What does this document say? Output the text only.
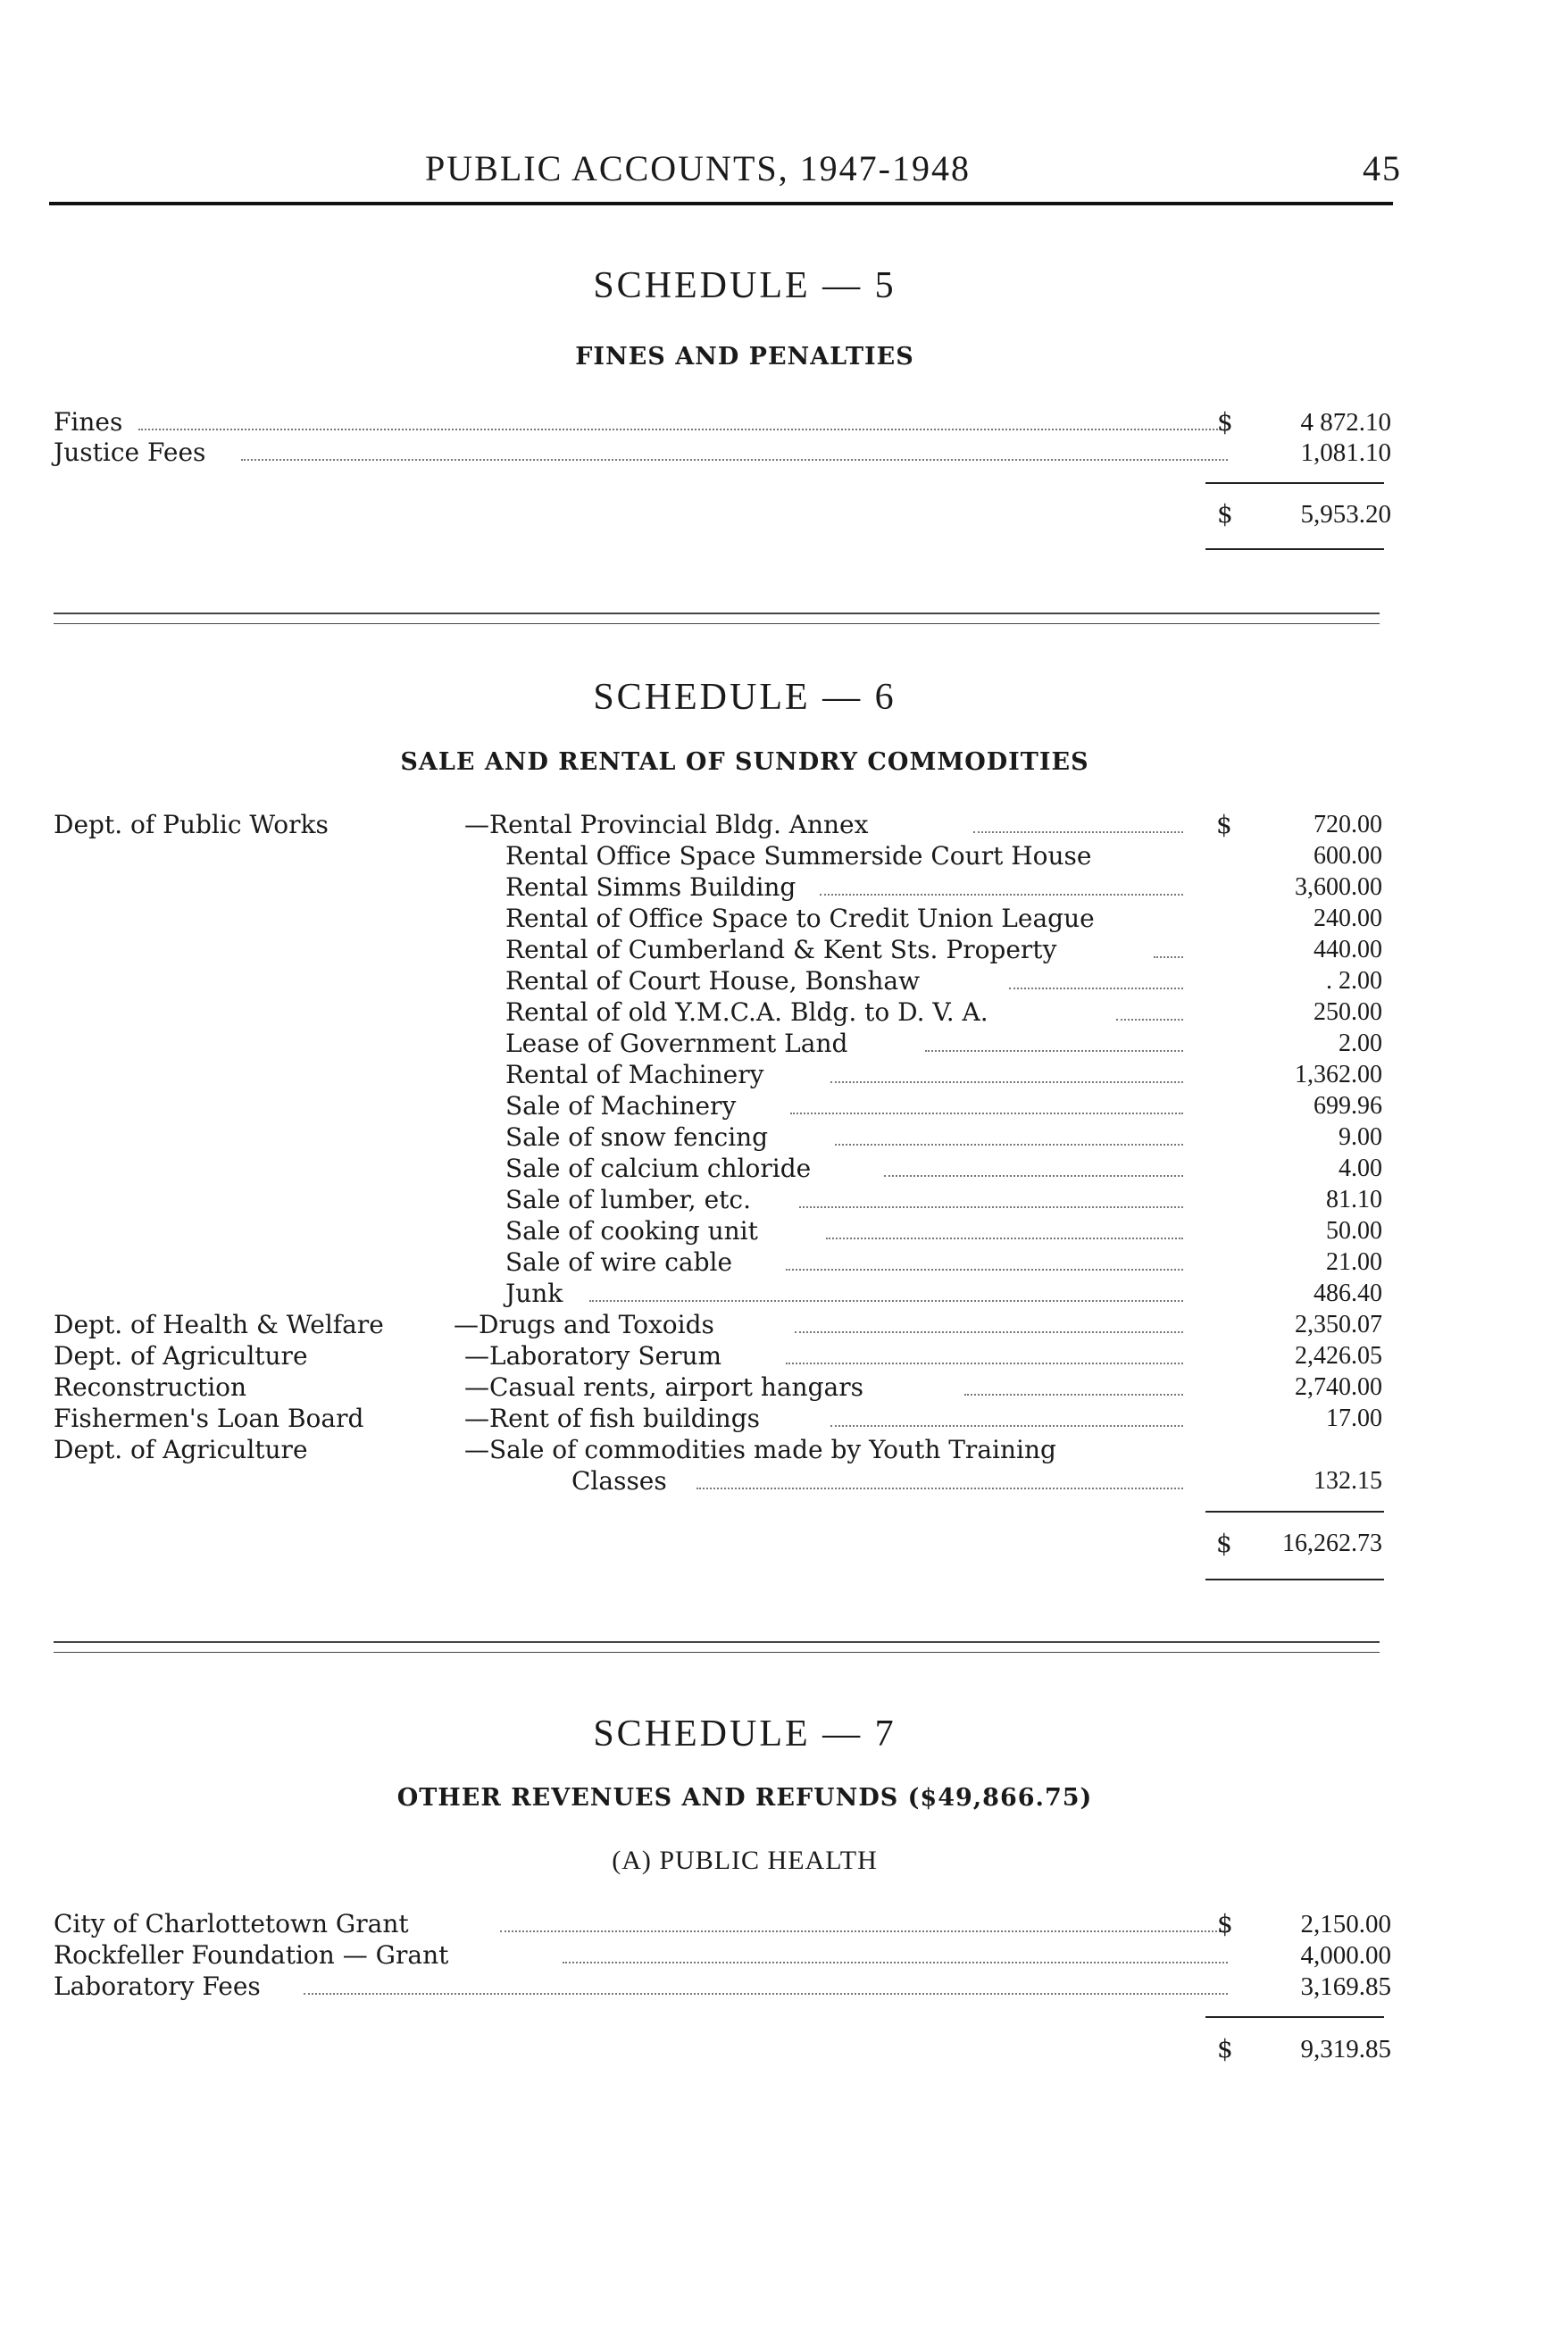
PUBLIC ACCOUNTS, 1947-1948	45
SCHEDULE — 5
FINES AND PENALTIES
Fines	$	4 872.10
Justice Fees	1,081.10
$	5,953.20
SCHEDULE — 6
SALE AND RENTAL OF SUNDRY COMMODITIES
Dept. of Public Works	—Rental Provincial Bldg. Annex	$	720.00
Rental Office Space Summerside Court House	600.00
Rental Simms Building	3,600.00
Rental of Office Space to Credit Union League	240.00
Rental of Cumberland & Kent Sts. Property	440.00
Rental of Court House, Bonshaw	. 2.00
Rental of old Y.M.C.A. Bldg. to D. V. A.	250.00
Lease of Government Land	2.00
Rental of Machinery	1,362.00
Sale of Machinery	699.96
Sale of snow fencing	9.00
Sale of calcium chloride	4.00
Sale of lumber, etc.	81.10
Sale of cooking unit	50.00
Sale of wire cable	21.00
Junk	486.40
Dept. of Health & Welfare	—Drugs and Toxoids	2,350.07
Dept. of Agriculture	—Laboratory Serum	2,426.05
Reconstruction	—Casual rents, airport hangars	2,740.00
Fishermen's Loan Board	—Rent of fish buildings	17.00
Dept. of Agriculture	—Sale of commodities made by Youth Training
Classes	132.15
$	16,262.73
SCHEDULE — 7
OTHER REVENUES AND REFUNDS ($49,866.75)
(A) PUBLIC HEALTH
City of Charlottetown Grant	$	2,150.00
Rockfeller Foundation — Grant	4,000.00
Laboratory Fees	3,169.85
$	9,319.85
